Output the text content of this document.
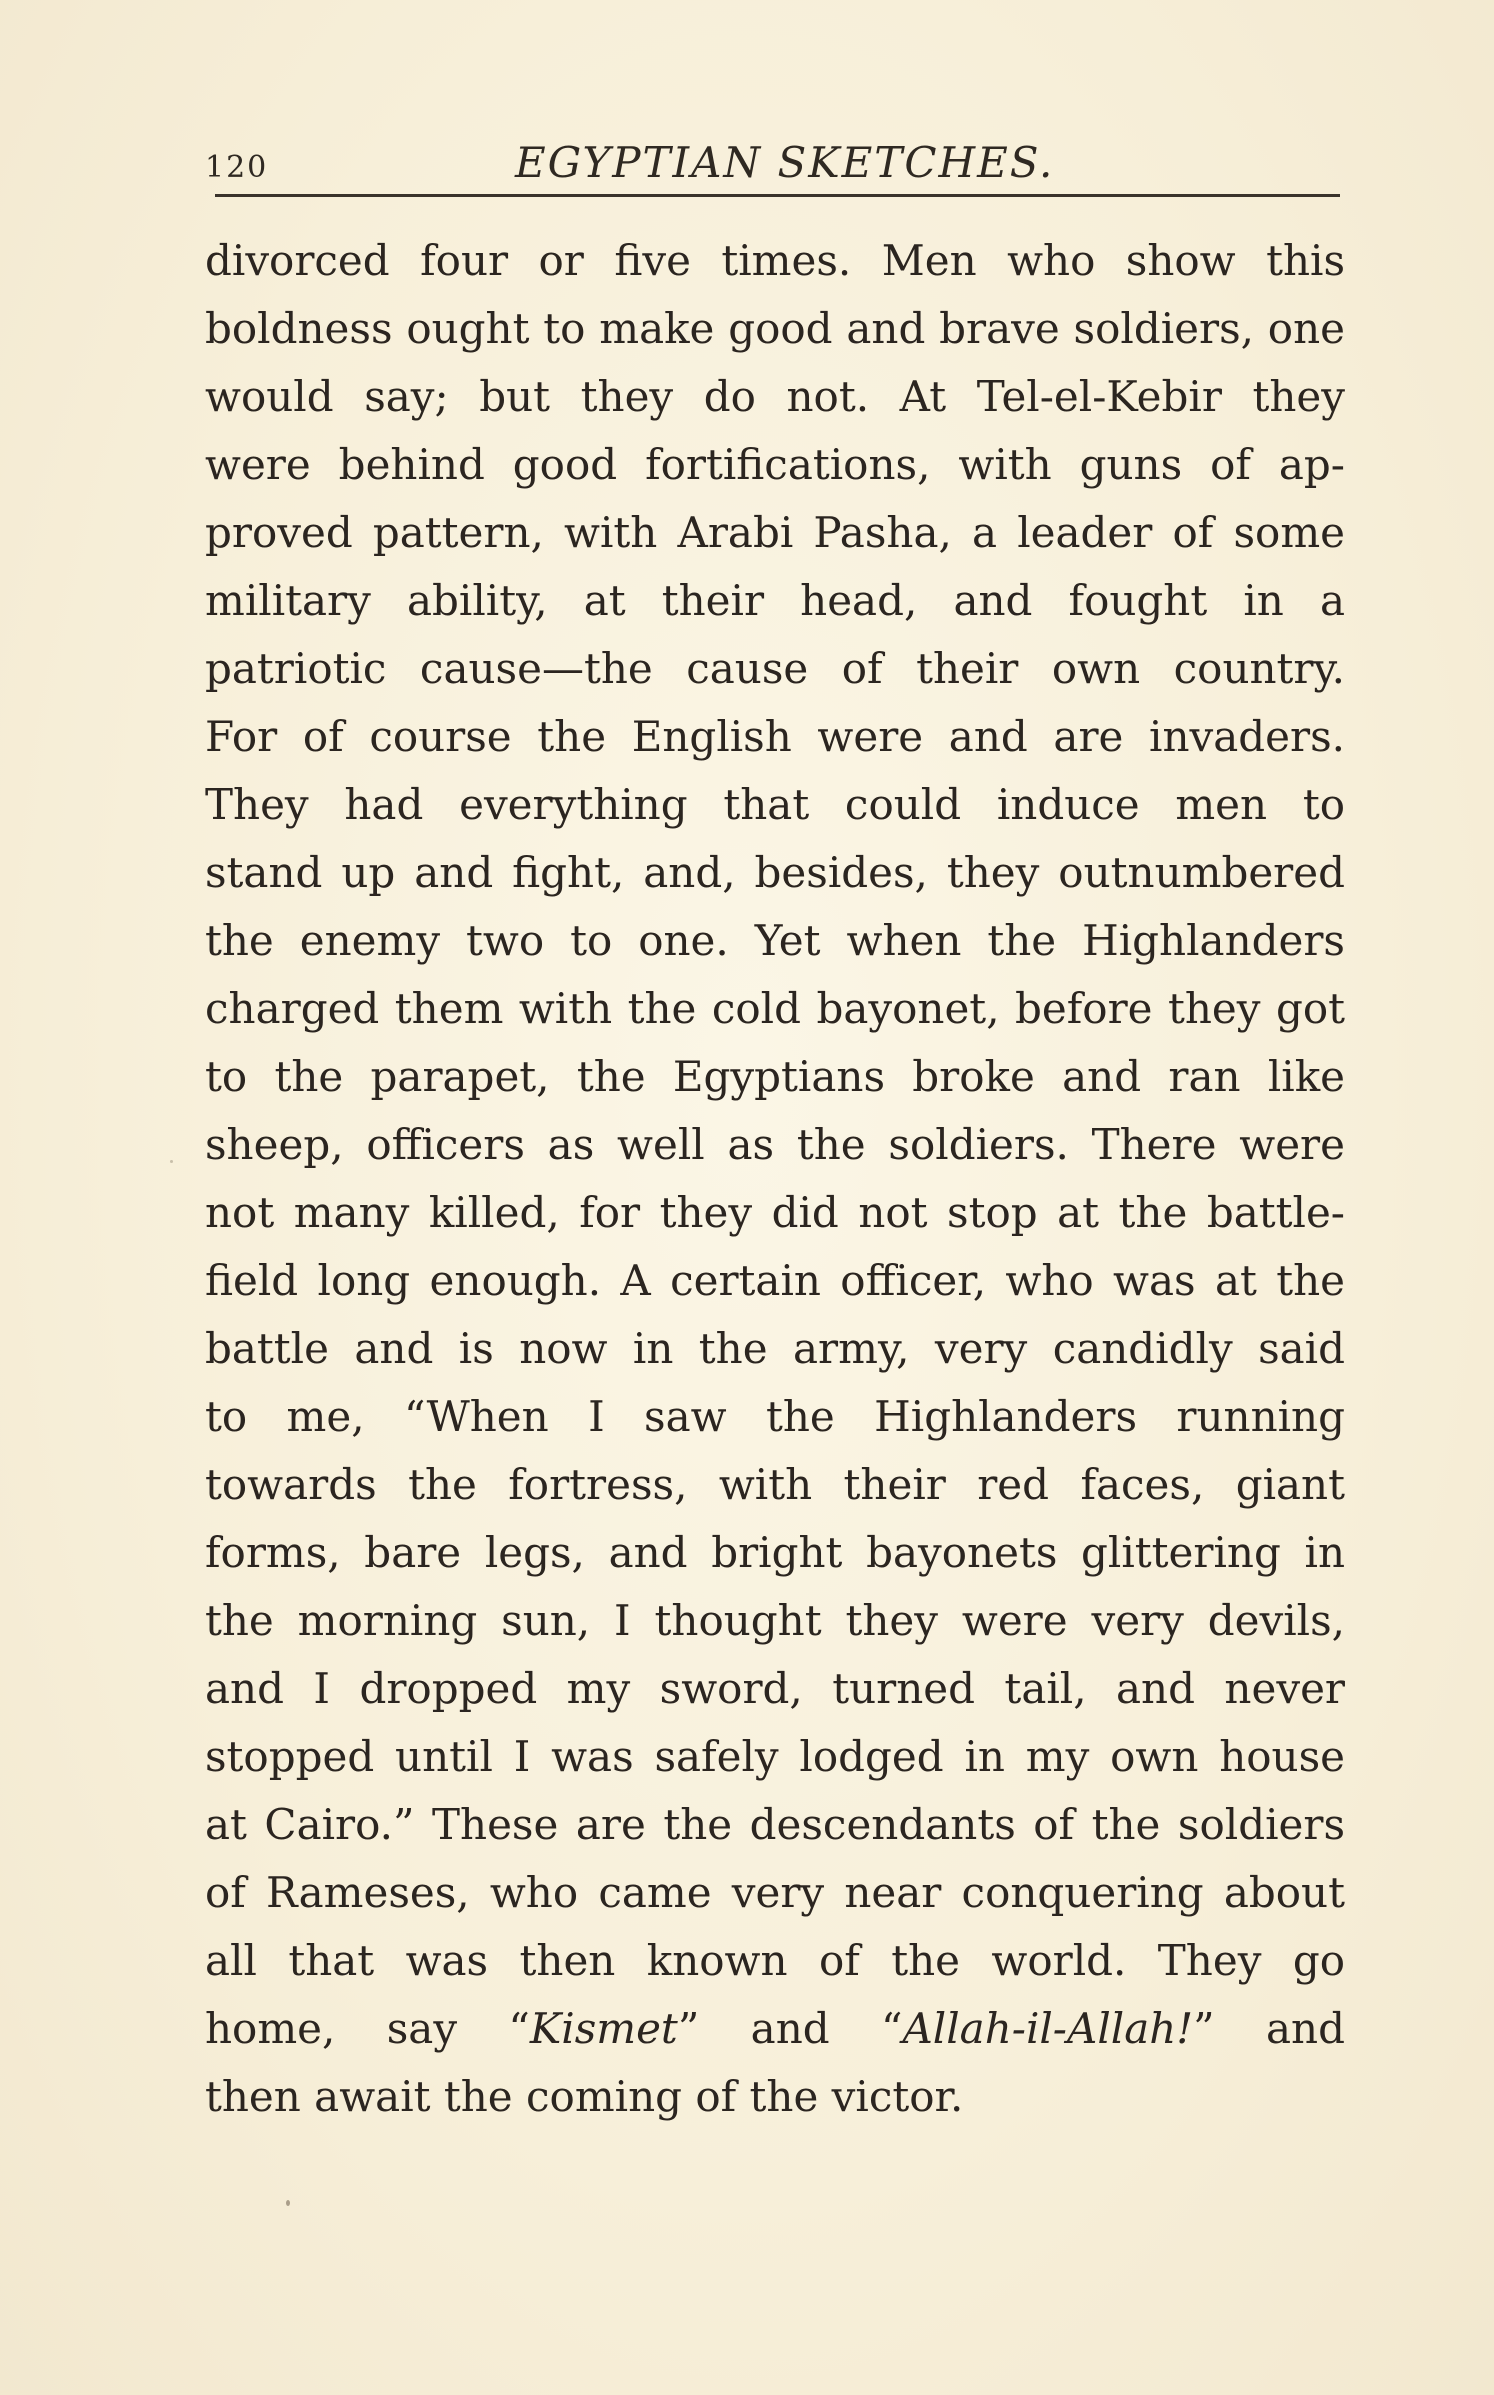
120	EGYPTIAN SKETCHES.
divorced four or five times. Men who show this
boldness ought to make good and brave soldiers, one
would say; but they do not. At Tel-el-Kebir they
were behind good fortifications, with guns of ap-
proved pattern, with Arabi Pasha, a leader of some
military ability, at their head, and fought in a
patriotic cause—the cause of their own country.
For of course the English were and are invaders.
They had everything that could induce men to
stand up and fight, and, besides, they outnumbered
the enemy two to one. Yet when the Highlanders
charged them with the cold bayonet, before they got
to the parapet, the Egyptians broke and ran like
sheep, officers as well as the soldiers. There were
not many killed, for they did not stop at the battle-
field long enough. A certain officer, who was at the
battle and is now in the army, very candidly said
to me, “When I saw the Highlanders running
towards the fortress, with their red faces, giant
forms, bare legs, and bright bayonets glittering in
the morning sun, I thought they were very devils,
and I dropped my sword, turned tail, and never
stopped until I was safely lodged in my own house
at Cairo.” These are the descendants of the soldiers
of Rameses, who came very near conquering about
all that was then known of the world. They go
home, say “Kismet” and “Allah-il-Allah!” and
then await the coming of the victor.
